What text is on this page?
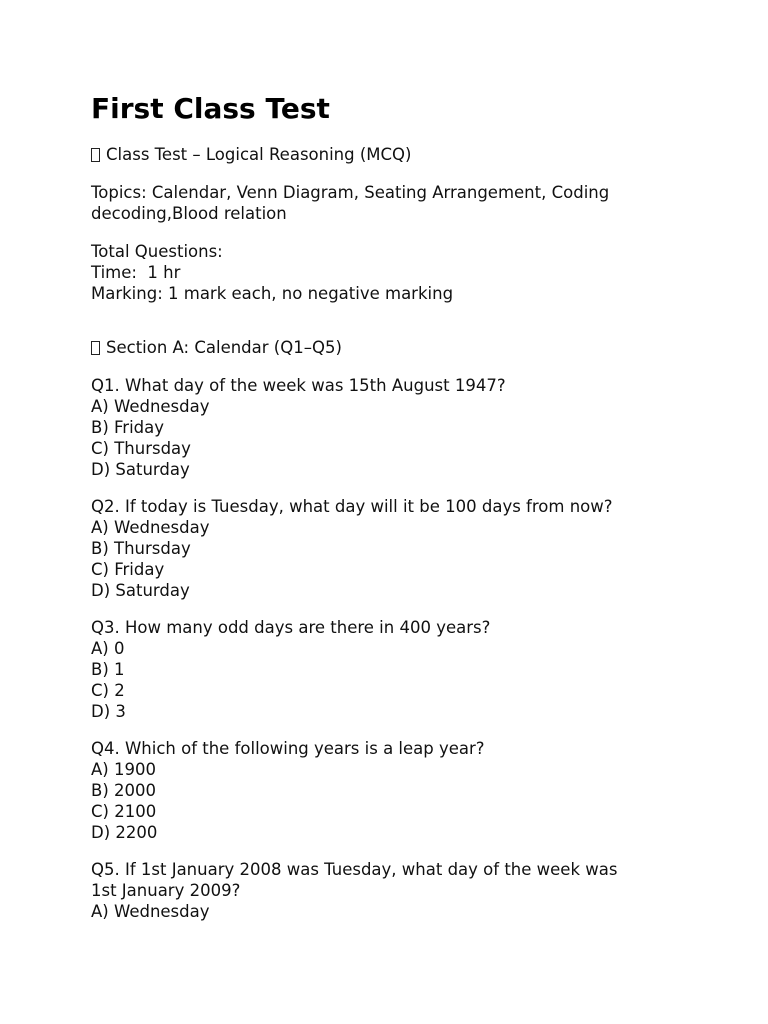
First Class Test

Class Test – Logical Reasoning (MCQ)

Topics: Calendar, Venn Diagram, Seating Arrangement, Coding

decoding,Blood relation

Total Questions:

Time:  1 hr

Marking: 1 mark each, no negative marking

Section A: Calendar (Q1–Q5)

Q1. What day of the week was 15th August 1947?

A) Wednesday

B) Friday

C) Thursday

D) Saturday

Q2. If today is Tuesday, what day will it be 100 days from now?

A) Wednesday

B) Thursday

C) Friday

D) Saturday

Q3. How many odd days are there in 400 years?

A) 0

B) 1

C) 2

D) 3

Q4. Which of the following years is a leap year?

A) 1900

B) 2000

C) 2100

D) 2200

Q5. If 1st January 2008 was Tuesday, what day of the week was

1st January 2009?

A) Wednesday
